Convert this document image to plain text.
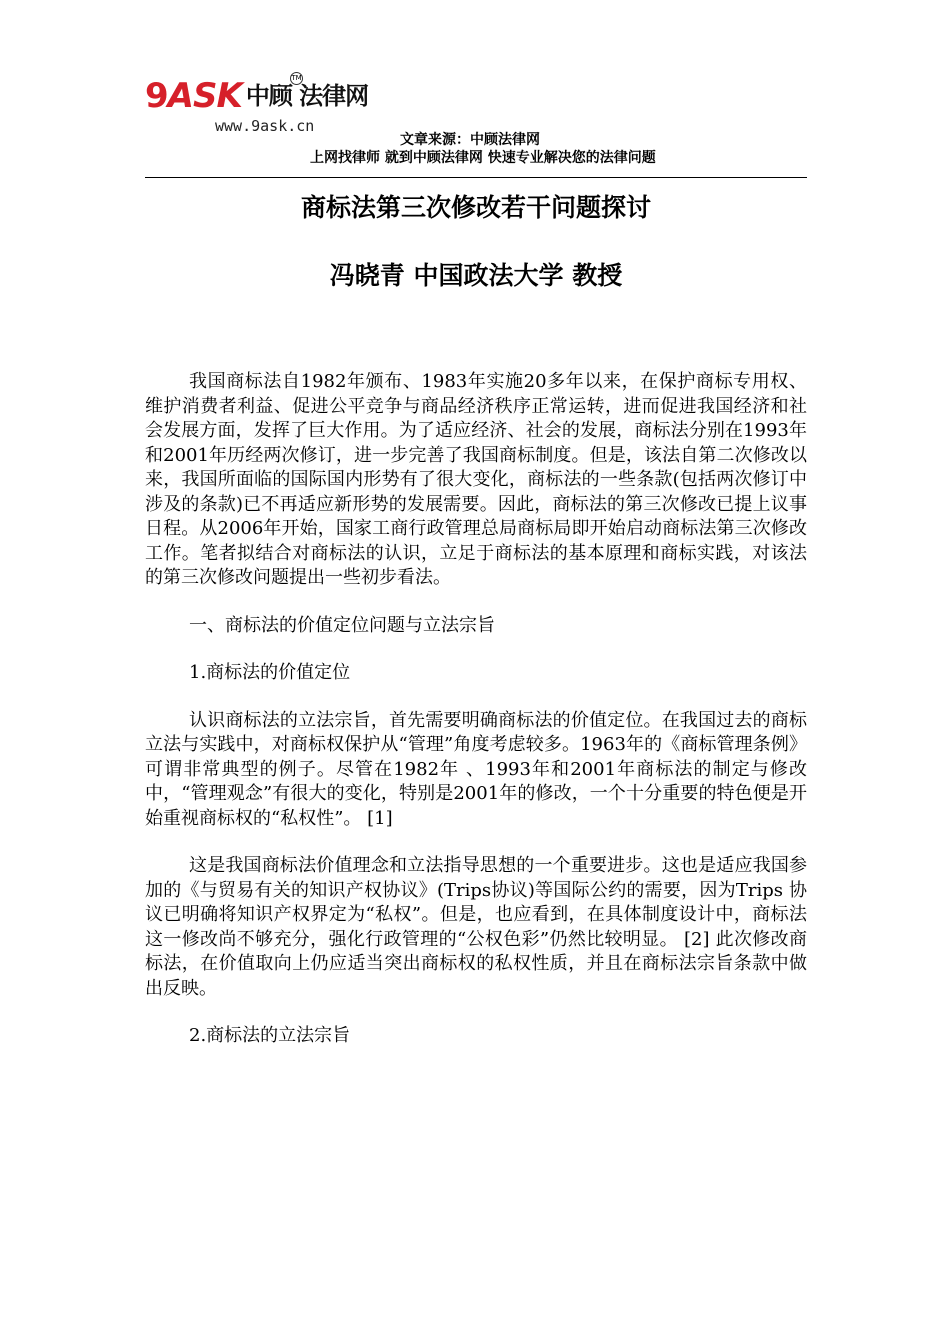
9ASK 中顾 法律网
TM
www.9ask.cn
文章来源：中顾法律网
上网找律师 就到中顾法律网 快速专业解决您的法律问题
商标法第三次修改若干问题探讨
冯晓青 中国政法大学 教授

我国商标法自1982年颁布、1983年实施20多年以来，在保护商标专用权、维护消费者利益、促进公平竞争与商品经济秩序正常运转，进而促进我国经济和社会发展方面，发挥了巨大作用。为了适应经济、社会的发展，商标法分别在1993年和2001年历经两次修订，进一步完善了我国商标制度。但是，该法自第二次修改以来，我国所面临的国际国内形势有了很大变化，商标法的一些条款(包括两次修订中涉及的条款)已不再适应新形势的发展需要。因此，商标法的第三次修改已提上议事日程。从2006年开始，国家工商行政管理总局商标局即开始启动商标法第三次修改工作。笔者拟结合对商标法的认识，立足于商标法的基本原理和商标实践，对该法的第三次修改问题提出一些初步看法。

一、商标法的价值定位问题与立法宗旨

1.商标法的价值定位

认识商标法的立法宗旨，首先需要明确商标法的价值定位。在我国过去的商标立法与实践中，对商标权保护从“管理”角度考虑较多。1963年的《商标管理条例》可谓非常典型的例子。尽管在1982年 、1993年和2001年商标法的制定与修改中，“管理观念”有很大的变化，特别是2001年的修改，一个十分重要的特色便是开始重视商标权的“私权性”。 [1]

这是我国商标法价值理念和立法指导思想的一个重要进步。这也是适应我国参加的《与贸易有关的知识产权协议》(Trips协议)等国际公约的需要，因为Trips 协议已明确将知识产权界定为“私权”。但是，也应看到，在具体制度设计中，商标法这一修改尚不够充分，强化行政管理的“公权色彩”仍然比较明显。 [2] 此次修改商标法，在价值取向上仍应适当突出商标权的私权性质，并且在商标法宗旨条款中做出反映。

2.商标法的立法宗旨
